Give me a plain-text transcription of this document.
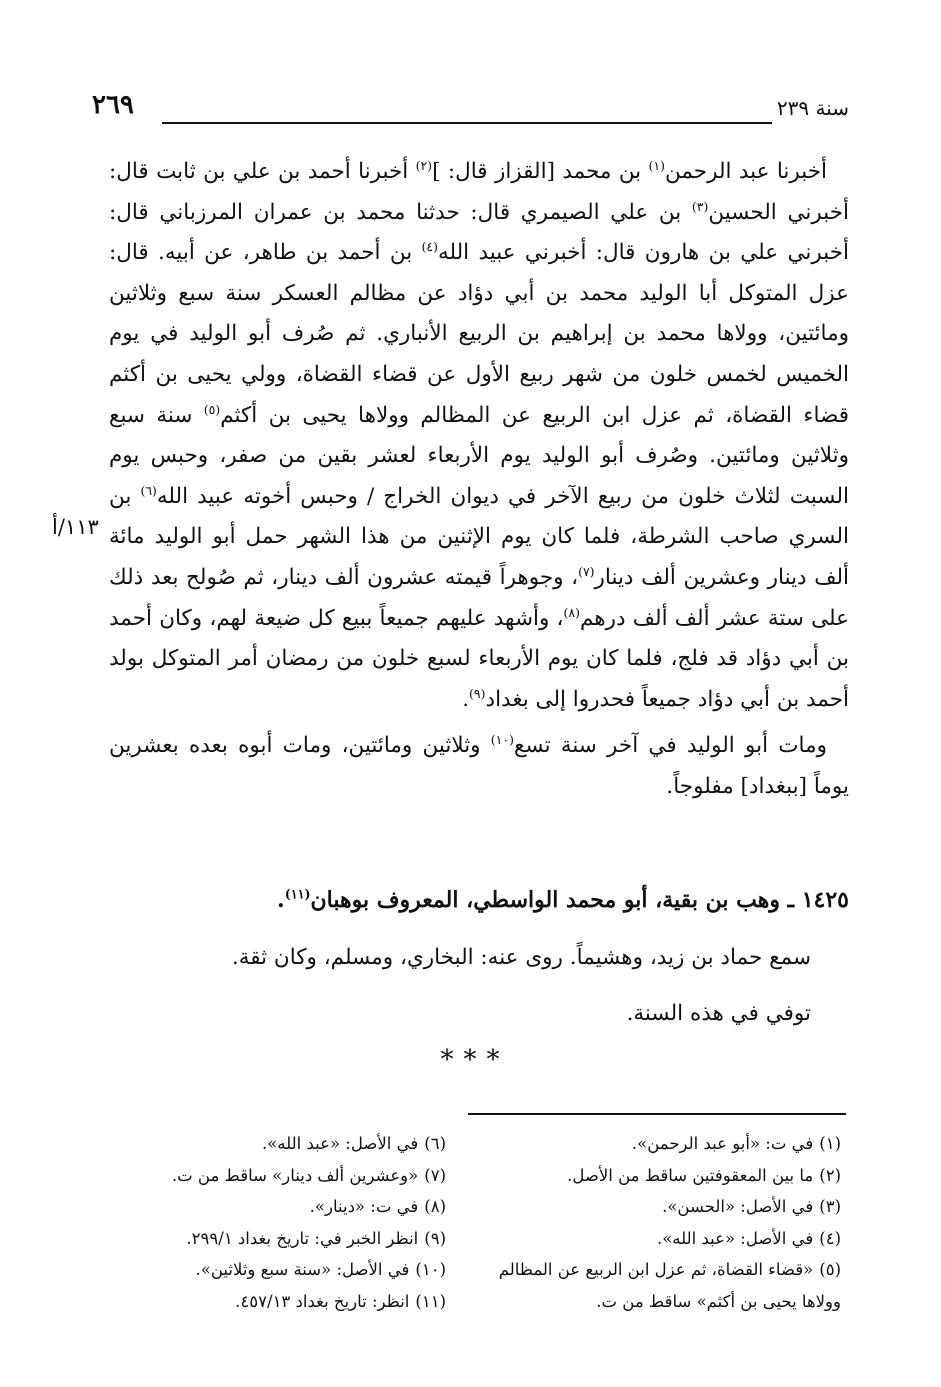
سنة ٢٣٩
٢٦٩

أخبرنا عبد الرحمن$^{(١)}$ بن محمد [القزاز قال: ]$^{(٢)}$ أخبرنا أحمد بن علي بن ثابت قال: أخبرني الحسين$^{(٣)}$ بن علي الصيمري قال: حدثنا محمد بن عمران المرزباني قال: أخبرني علي بن هارون قال: أخبرني عبيد الله$^{(٤)}$ بن أحمد بن طاهر، عن أبيه. قال: عزل المتوكل أبا الوليد محمد بن أبي دؤاد عن مظالم العسكر سنة سبع وثلاثين ومائتين، وولاها محمد بن إبراهيم بن الربيع الأنباري. ثم صُرف أبو الوليد في يوم الخميس لخمس خلون من شهر ربيع الأول عن قضاء القضاة، وولي يحيى بن أكثم قضاء القضاة، ثم عزل ابن الربيع عن المظالم وولاها يحيى بن أكثم$^{(٥)}$ سنة سبع وثلاثين ومائتين. وصُرف أبو الوليد يوم الأربعاء لعشر بقين من صفر، وحبس يوم السبت لثلاث خلون من ربيع الآخر في ديوان الخراج / وحبس أخوته عبيد الله$^{(٦)}$ بن السري صاحب الشرطة، فلما كان يوم الإثنين من هذا الشهر حمل أبو الوليد مائة ألف دينار وعشرين ألف دينار$^{(٧)}$، وجوهراً قيمته عشرون ألف دينار، ثم صُولح بعد ذلك على ستة عشر ألف ألف درهم$^{(٨)}$، وأشهد عليهم جميعاً ببيع كل ضيعة لهم، وكان أحمد بن أبي دؤاد قد فلج، فلما كان يوم الأربعاء لسبع خلون من رمضان أمر المتوكل بولد أحمد بن أبي دؤاد جميعاً فحدروا إلى بغداد$^{(٩)}$.

ومات أبو الوليد في آخر سنة تسع$^{(١٠)}$ وثلاثين ومائتين، ومات أبوه بعده بعشرين يوماً [ببغداد] مفلوجاً.

١١٣/أ
١٤٢٥ ـ وهب بن بقية، أبو محمد الواسطي، المعروف بوهبان$^{(١١)}$.

سمع حماد بن زيد، وهشيماً. روى عنه: البخاري، ومسلم، وكان ثقة.

توفي في هذه السنة.

***

(١)في ت: «أبو عبد الرحمن».

(٢)ما بين المعقوفتين ساقط من الأصل.

(٣)في الأصل: «الحسن».

(٤)في الأصل: «عبد الله».

(٥)«قضاء القضاة، ثم عزل ابن الربيع عن المظالم وولاها يحيى بن أكثم» ساقط من ت.

(٦)في الأصل: «عبد الله».

(٧)«وعشرين ألف دينار» ساقط من ت.

(٨)في ت: «دينار».

(٩)انظر الخبر في: تاريخ بغداد ٢٩٩/١.

(١٠)في الأصل: «سنة سبع وثلاثين».

(١١)انظر: تاريخ بغداد ٤٥٧/١٣.
